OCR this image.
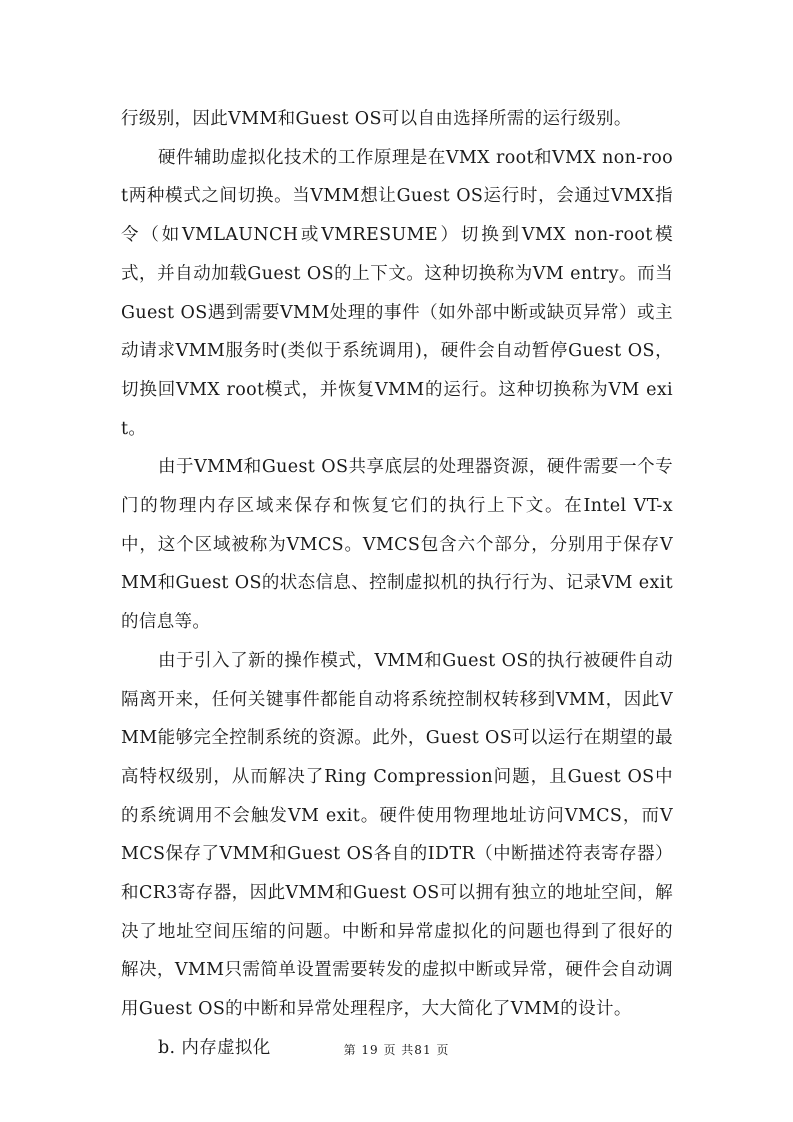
行级别，因此VMM和Guest OS可以自由选择所需的运行级别。

硬件辅助虚拟化技术的工作原理是在VMX root和VMX non-root两种模式之间切换。当VMM想让Guest OS运行时，会通过VMX指令（如VMLAUNCH或VMRESUME）切换到VMX non-root模式，并自动加载Guest OS的上下文。这种切换称为VM entry。而当Guest OS遇到需要VMM处理的事件（如外部中断或缺页异常）或主动请求VMM服务时(类似于系统调用)，硬件会自动暂停Guest OS，切换回VMX root模式，并恢复VMM的运行。这种切换称为VM exit。

由于VMM和Guest OS共享底层的处理器资源，硬件需要一个专门的物理内存区域来保存和恢复它们的执行上下文。在Intel VT-x中，这个区域被称为VMCS。VMCS包含六个部分，分别用于保存VMM和Guest OS的状态信息、控制虚拟机的执行行为、记录VM exit的信息等。

由于引入了新的操作模式，VMM和Guest OS的执行被硬件自动隔离开来，任何关键事件都能自动将系统控制权转移到VMM，因此VMM能够完全控制系统的资源。此外，Guest OS可以运行在期望的最高特权级别，从而解决了Ring Compression问题，且Guest OS中的系统调用不会触发VM exit。硬件使用物理地址访问VMCS，而VMCS保存了VMM和Guest OS各自的IDTR（中断描述符表寄存器）和CR3寄存器，因此VMM和Guest OS可以拥有独立的地址空间，解决了地址空间压缩的问题。中断和异常虚拟化的问题也得到了很好的解决，VMM只需简单设置需要转发的虚拟中断或异常，硬件会自动调用Guest OS的中断和异常处理程序，大大简化了VMM的设计。

b. 内存虚拟化	第 19 页 共81 页
